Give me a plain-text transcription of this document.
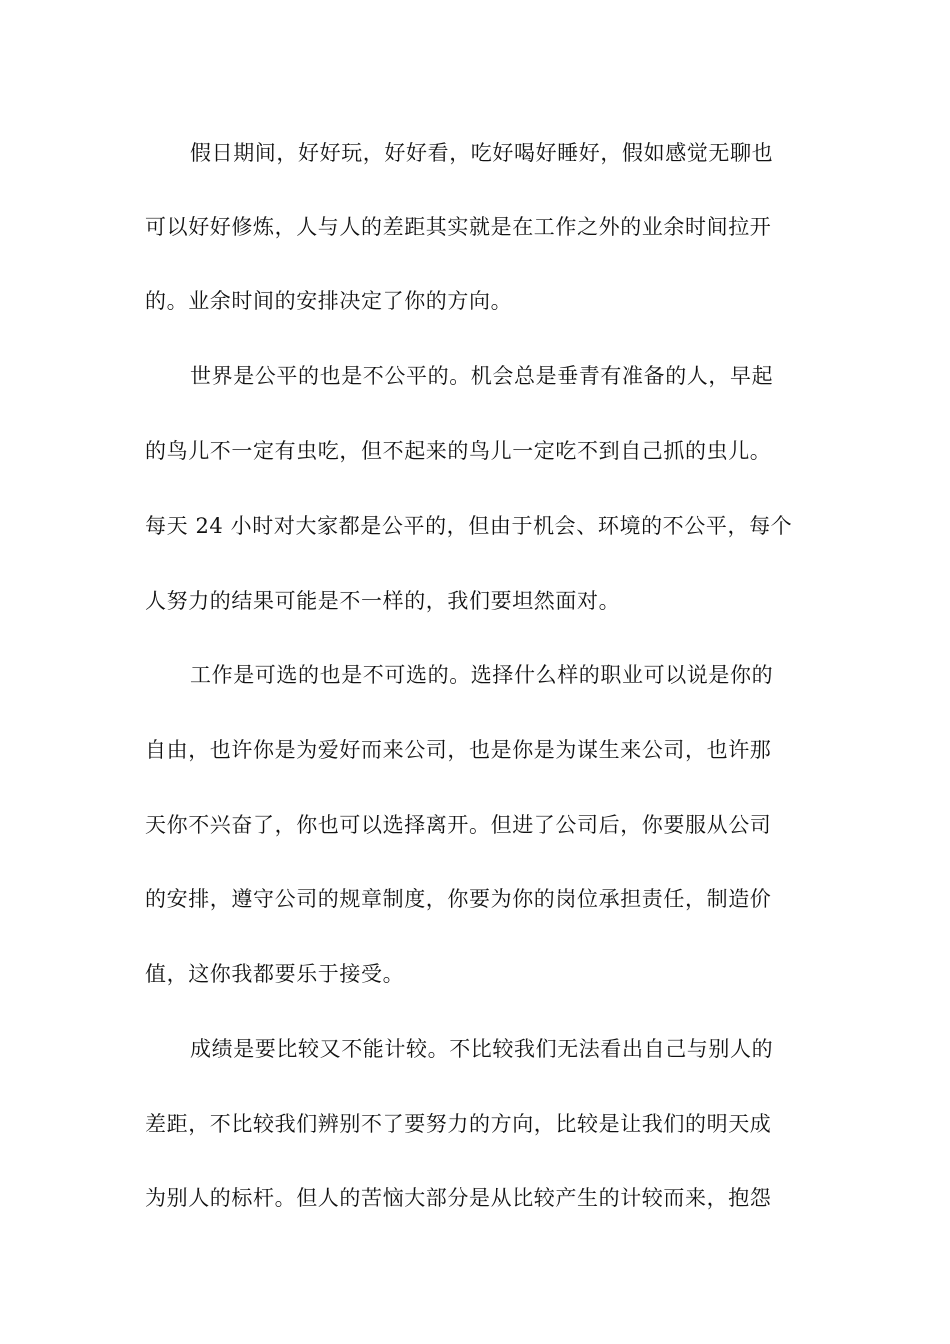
假日期间，好好玩，好好看，吃好喝好睡好，假如感觉无聊也
可以好好修炼，人与人的差距其实就是在工作之外的业余时间拉开
的。业余时间的安排决定了你的方向。
世界是公平的也是不公平的。机会总是垂青有准备的人，早起
的鸟儿不一定有虫吃，但不起来的鸟儿一定吃不到自己抓的虫儿。
每天 24 小时对大家都是公平的，但由于机会、环境的不公平，每个
人努力的结果可能是不一样的，我们要坦然面对。
工作是可选的也是不可选的。选择什么样的职业可以说是你的
自由，也许你是为爱好而来公司，也是你是为谋生来公司，也许那
天你不兴奋了，你也可以选择离开。但进了公司后，你要服从公司
的安排，遵守公司的规章制度，你要为你的岗位承担责任，制造价
值，这你我都要乐于接受。
成绩是要比较又不能计较。不比较我们无法看出自己与别人的
差距，不比较我们辨别不了要努力的方向，比较是让我们的明天成
为别人的标杆。但人的苦恼大部分是从比较产生的计较而来，抱怨
